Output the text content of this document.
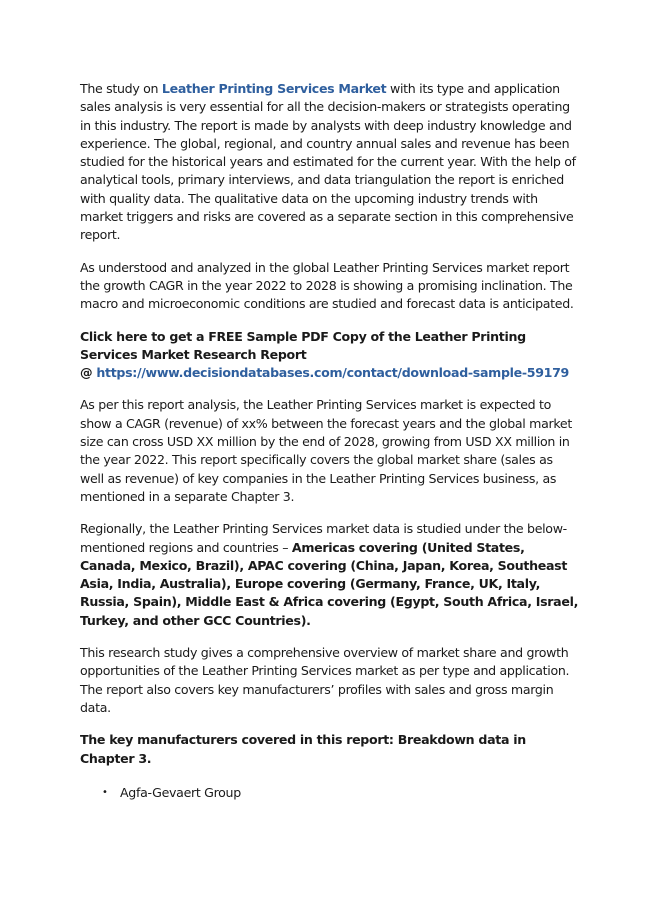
The study on Leather Printing Services Market with its type and application sales analysis is very essential for all the decision-makers or strategists operating in this industry. The report is made by analysts with deep industry knowledge and experience. The global, regional, and country annual sales and revenue has been studied for the historical years and estimated for the current year. With the help of analytical tools, primary interviews, and data triangulation the report is enriched with quality data. The qualitative data on the upcoming industry trends with market triggers and risks are covered as a separate section in this comprehensive report.

As understood and analyzed in the global Leather Printing Services market report the growth CAGR in the year 2022 to 2028 is showing a promising inclination. The macro and microeconomic conditions are studied and forecast data is anticipated.

Click here to get a FREE Sample PDF Copy of the Leather Printing
Services Market Research Report
@ https://www.decisiondatabases.com/contact/download-sample-59179

As per this report analysis, the Leather Printing Services market is expected to show a CAGR (revenue) of xx% between the forecast years and the global market size can cross USD XX million by the end of 2028, growing from USD XX million in the year 2022. This report specifically covers the global market share (sales as well as revenue) of key companies in the Leather Printing Services business, as mentioned in a separate Chapter 3.

Regionally, the Leather Printing Services market data is studied under the below-mentioned regions and countries – Americas covering (United States, Canada, Mexico, Brazil), APAC covering (China, Japan, Korea, Southeast Asia, India, Australia), Europe covering (Germany, France, UK, Italy, Russia, Spain), Middle East & Africa covering (Egypt, South Africa, Israel, Turkey, and other GCC Countries).

This research study gives a comprehensive overview of market share and growth opportunities of the Leather Printing Services market as per type and application. The report also covers key manufacturers’ profiles with sales and gross margin data.

The key manufacturers covered in this report: Breakdown data in Chapter 3.

• Agfa-Gevaert Group
